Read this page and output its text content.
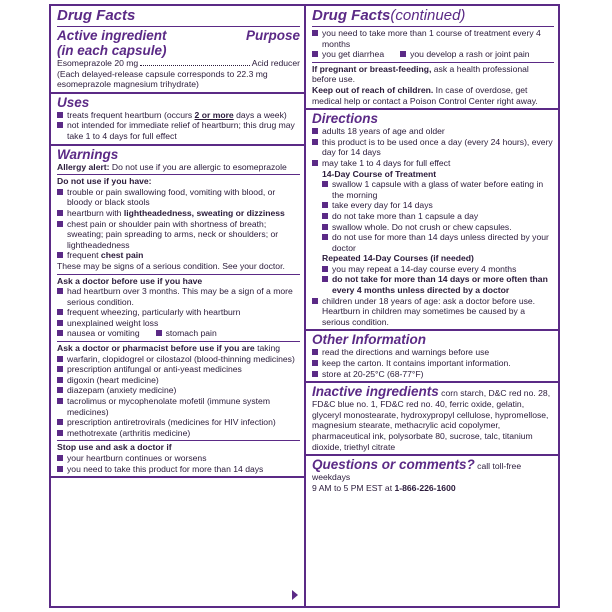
Drug Facts
Active ingredient	Purpose
(in each capsule)
Esomeprazole 20 mg	Acid reducer
(Each delayed-release capsule corresponds to 22.3 mg esomeprazole magnesium trihydrate)
Uses
treats frequent heartburn (occurs 2 or more days a week)
not intended for immediate relief of heartburn; this drug may take 1 to 4 days for full effect
Warnings
Allergy alert: Do not use if you are allergic to esomeprazole
Do not use if you have:
trouble or pain swallowing food, vomiting with blood, or bloody or black stools
heartburn with lightheadedness, sweating or dizziness
chest pain or shoulder pain with shortness of breath; sweating; pain spreading to arms, neck or shoulders; or lightheadedness
frequent chest pain
These may be signs of a serious condition. See your doctor.
Ask a doctor before use if you have
had heartburn over 3 months. This may be a sign of a more serious condition.
frequent wheezing, particularly with heartburn
unexplained weight loss
nausea or vomiting	stomach pain
Ask a doctor or pharmacist before use if you are taking
warfarin, clopidogrel or cilostazol (blood-thinning medicines)
prescription antifungal or anti-yeast medicines
digoxin (heart medicine)
diazepam (anxiety medicine)
tacrolimus or mycophenolate mofetil (immune system medicines)
prescription antiretrovirals (medicines for HIV infection)
methotrexate (arthritis medicine)
Stop use and ask a doctor if
your heartburn continues or worsens
you need to take this product for more than 14 days
Drug Facts(continued)
you need to take more than 1 course of treatment every 4 months
you get diarrhea	you develop a rash or joint pain
If pregnant or breast-feeding, ask a health professional before use.
Keep out of reach of children. In case of overdose, get medical help or contact a Poison Control Center right away.
Directions
adults 18 years of age and older
this product is to be used once a day (every 24 hours), every day for 14 days
may take 1 to 4 days for full effect
14-Day Course of Treatment
swallow 1 capsule with a glass of water before eating in the morning
take every day for 14 days
do not take more than 1 capsule a day
swallow whole. Do not crush or chew capsules.
do not use for more than 14 days unless directed by your doctor
Repeated 14-Day Courses (if needed)
you may repeat a 14-day course every 4 months
do not take for more than 14 days or more often than every 4 months unless directed by a doctor
children under 18 years of age: ask a doctor before use. Heartburn in children may sometimes be caused by a serious condition.
Other Information
read the directions and warnings before use
keep the carton. It contains important information.
store at 20-25°C (68-77°F)
Inactive ingredients corn starch, D&C red no. 28, FD&C blue no. 1, FD&C red no. 40, ferric oxide, gelatin, glyceryl monostearate, hydroxypropyl cellulose, hypromellose, magnesium stearate, methacrylic acid copolymer, pharmaceutical ink, polysorbate 80, sucrose, talc, titanium dioxide, triethyl citrate
Questions or comments? call toll-free weekdays
9 AM to 5 PM EST at 1-866-226-1600
